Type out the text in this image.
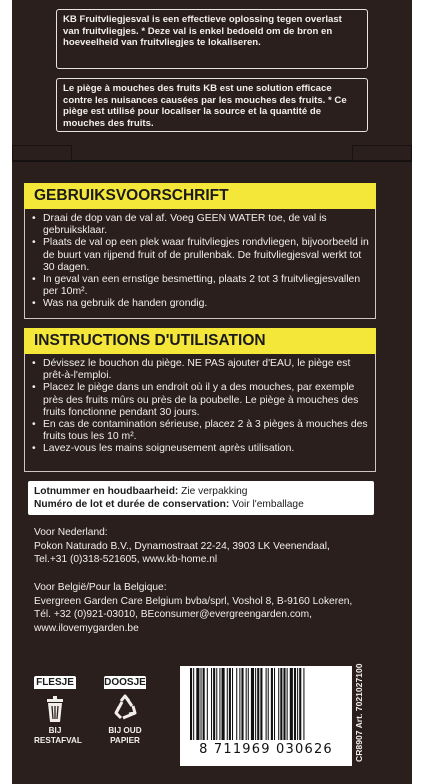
KB Fruitvliegjesval is een effectieve oplossing tegen overlast van fruitvliegjes. * Deze val is enkel bedoeld om de bron en hoeveelheid van fruitvliegjes te lokaliseren.
Le piège à mouches des fruits KB est une solution efficace contre les nuisances causées par les mouches des fruits. * Ce piège est utilisé pour localiser la source et la quantité de mouches des fruits.
GEBRUIKSVOORSCHRIFT
• Draai de dop van de val af. Voeg GEEN WATER toe, de val is gebruiksklaar.
• Plaats de val op een plek waar fruitvliegjes rondvliegen, bijvoorbeeld in de buurt van rijpend fruit of de prullenbak. De fruitvliegjesval werkt tot 30 dagen.
• In geval van een ernstige besmetting, plaats 2 tot 3 fruitvliegjesvallen per 10m².
• Was na gebruik de handen grondig.
INSTRUCTIONS D'UTILISATION
• Dévissez le bouchon du piège. NE PAS ajouter d'EAU, le piège est prêt-à-l'emploi.
• Placez le piège dans un endroit où il y a des mouches, par exemple près des fruits mûrs ou près de la poubelle. Le piège à mouches des fruits fonctionne pendant 30 jours.
• En cas de contamination sérieuse, placez 2 à 3 pièges à mouches des fruits tous les 10 m².
• Lavez-vous les mains soigneusement après utilisation.
Lotnummer en houdbaarheid: Zie verpakking
Numéro de lot et durée de conservation: Voir l'emballage
Voor Nederland:
Pokon Naturado B.V., Dynamostraat 22-24, 3903 LK Veenendaal,
Tel.+31 (0)318-521605, www.kb-home.nl
Voor België/Pour la Belgique:
Evergreen Garden Care Belgium bvba/sprl, Voshol 8, B-9160 Lokeren,
Tél. +32 (0)921-03010, BEconsumer@evergreengarden.com,
www.ilovemygarden.be
FLESJE
BIJ
RESTAFVAL
DOOSJE
BIJ OUD
PAPIER
8 711969 030626	CR8907 Art. 7021027100
